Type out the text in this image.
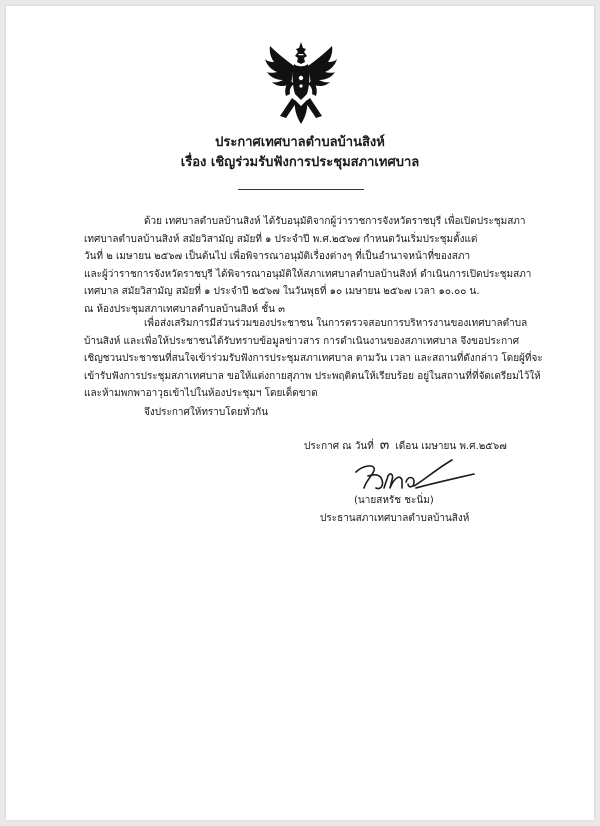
ประกาศเทศบาลตำบลบ้านสิงห์
เรื่อง เชิญร่วมรับฟังการประชุมสภาเทศบาล

ด้วย เทศบาลตำบลบ้านสิงห์ ได้รับอนุมัติจากผู้ว่าราชการจังหวัดราชบุรี เพื่อเปิดประชุมสภา

เทศบาลตำบลบ้านสิงห์ สมัยวิสามัญ สมัยที่ ๑ ประจำปี พ.ศ.๒๕๖๗ กำหนดวันเริ่มประชุมตั้งแต่

วันที่ ๒ เมษายน ๒๕๖๗ เป็นต้นไป เพื่อพิจารณาอนุมัติเรื่องต่างๆ ที่เป็นอำนาจหน้าที่ของสภา

และผู้ว่าราชการจังหวัดราชบุรี ได้พิจารณาอนุมัติให้สภาเทศบาลตำบลบ้านสิงห์ ดำเนินการเปิดประชุมสภา

เทศบาล สมัยวิสามัญ สมัยที่ ๑ ประจำปี ๒๕๖๗ ในวันพุธที่ ๑๐ เมษายน ๒๕๖๗ เวลา ๑๐.๐๐ น.

ณ ห้องประชุมสภาเทศบาลตำบลบ้านสิงห์ ชั้น ๓

เพื่อส่งเสริมการมีส่วนร่วมของประชาชน ในการตรวจสอบการบริหารงานของเทศบาลตำบล

บ้านสิงห์ และเพื่อให้ประชาชนได้รับทราบข้อมูลข่าวสาร การดำเนินงานของสภาเทศบาล จึงขอประกาศ

เชิญชวนประชาชนที่สนใจเข้าร่วมรับฟังการประชุมสภาเทศบาล ตามวัน เวลา และสถานที่ดังกล่าว โดยผู้ที่จะ

เข้ารับฟังการประชุมสภาเทศบาล ขอให้แต่งกายสุภาพ ประพฤติตนให้เรียบร้อย อยู่ในสถานที่ที่จัดเตรียมไว้ให้

และห้ามพกพาอาวุธเข้าไปในห้องประชุมฯ โดยเด็ดขาด

จึงประกาศให้ทราบโดยทั่วกัน
ประกาศ ณ วันที่ ๓ เดือน เมษายน พ.ศ.๒๕๖๗
(นายสหรัช ชะนิ่ม)
ประธานสภาเทศบาลตำบลบ้านสิงห์
